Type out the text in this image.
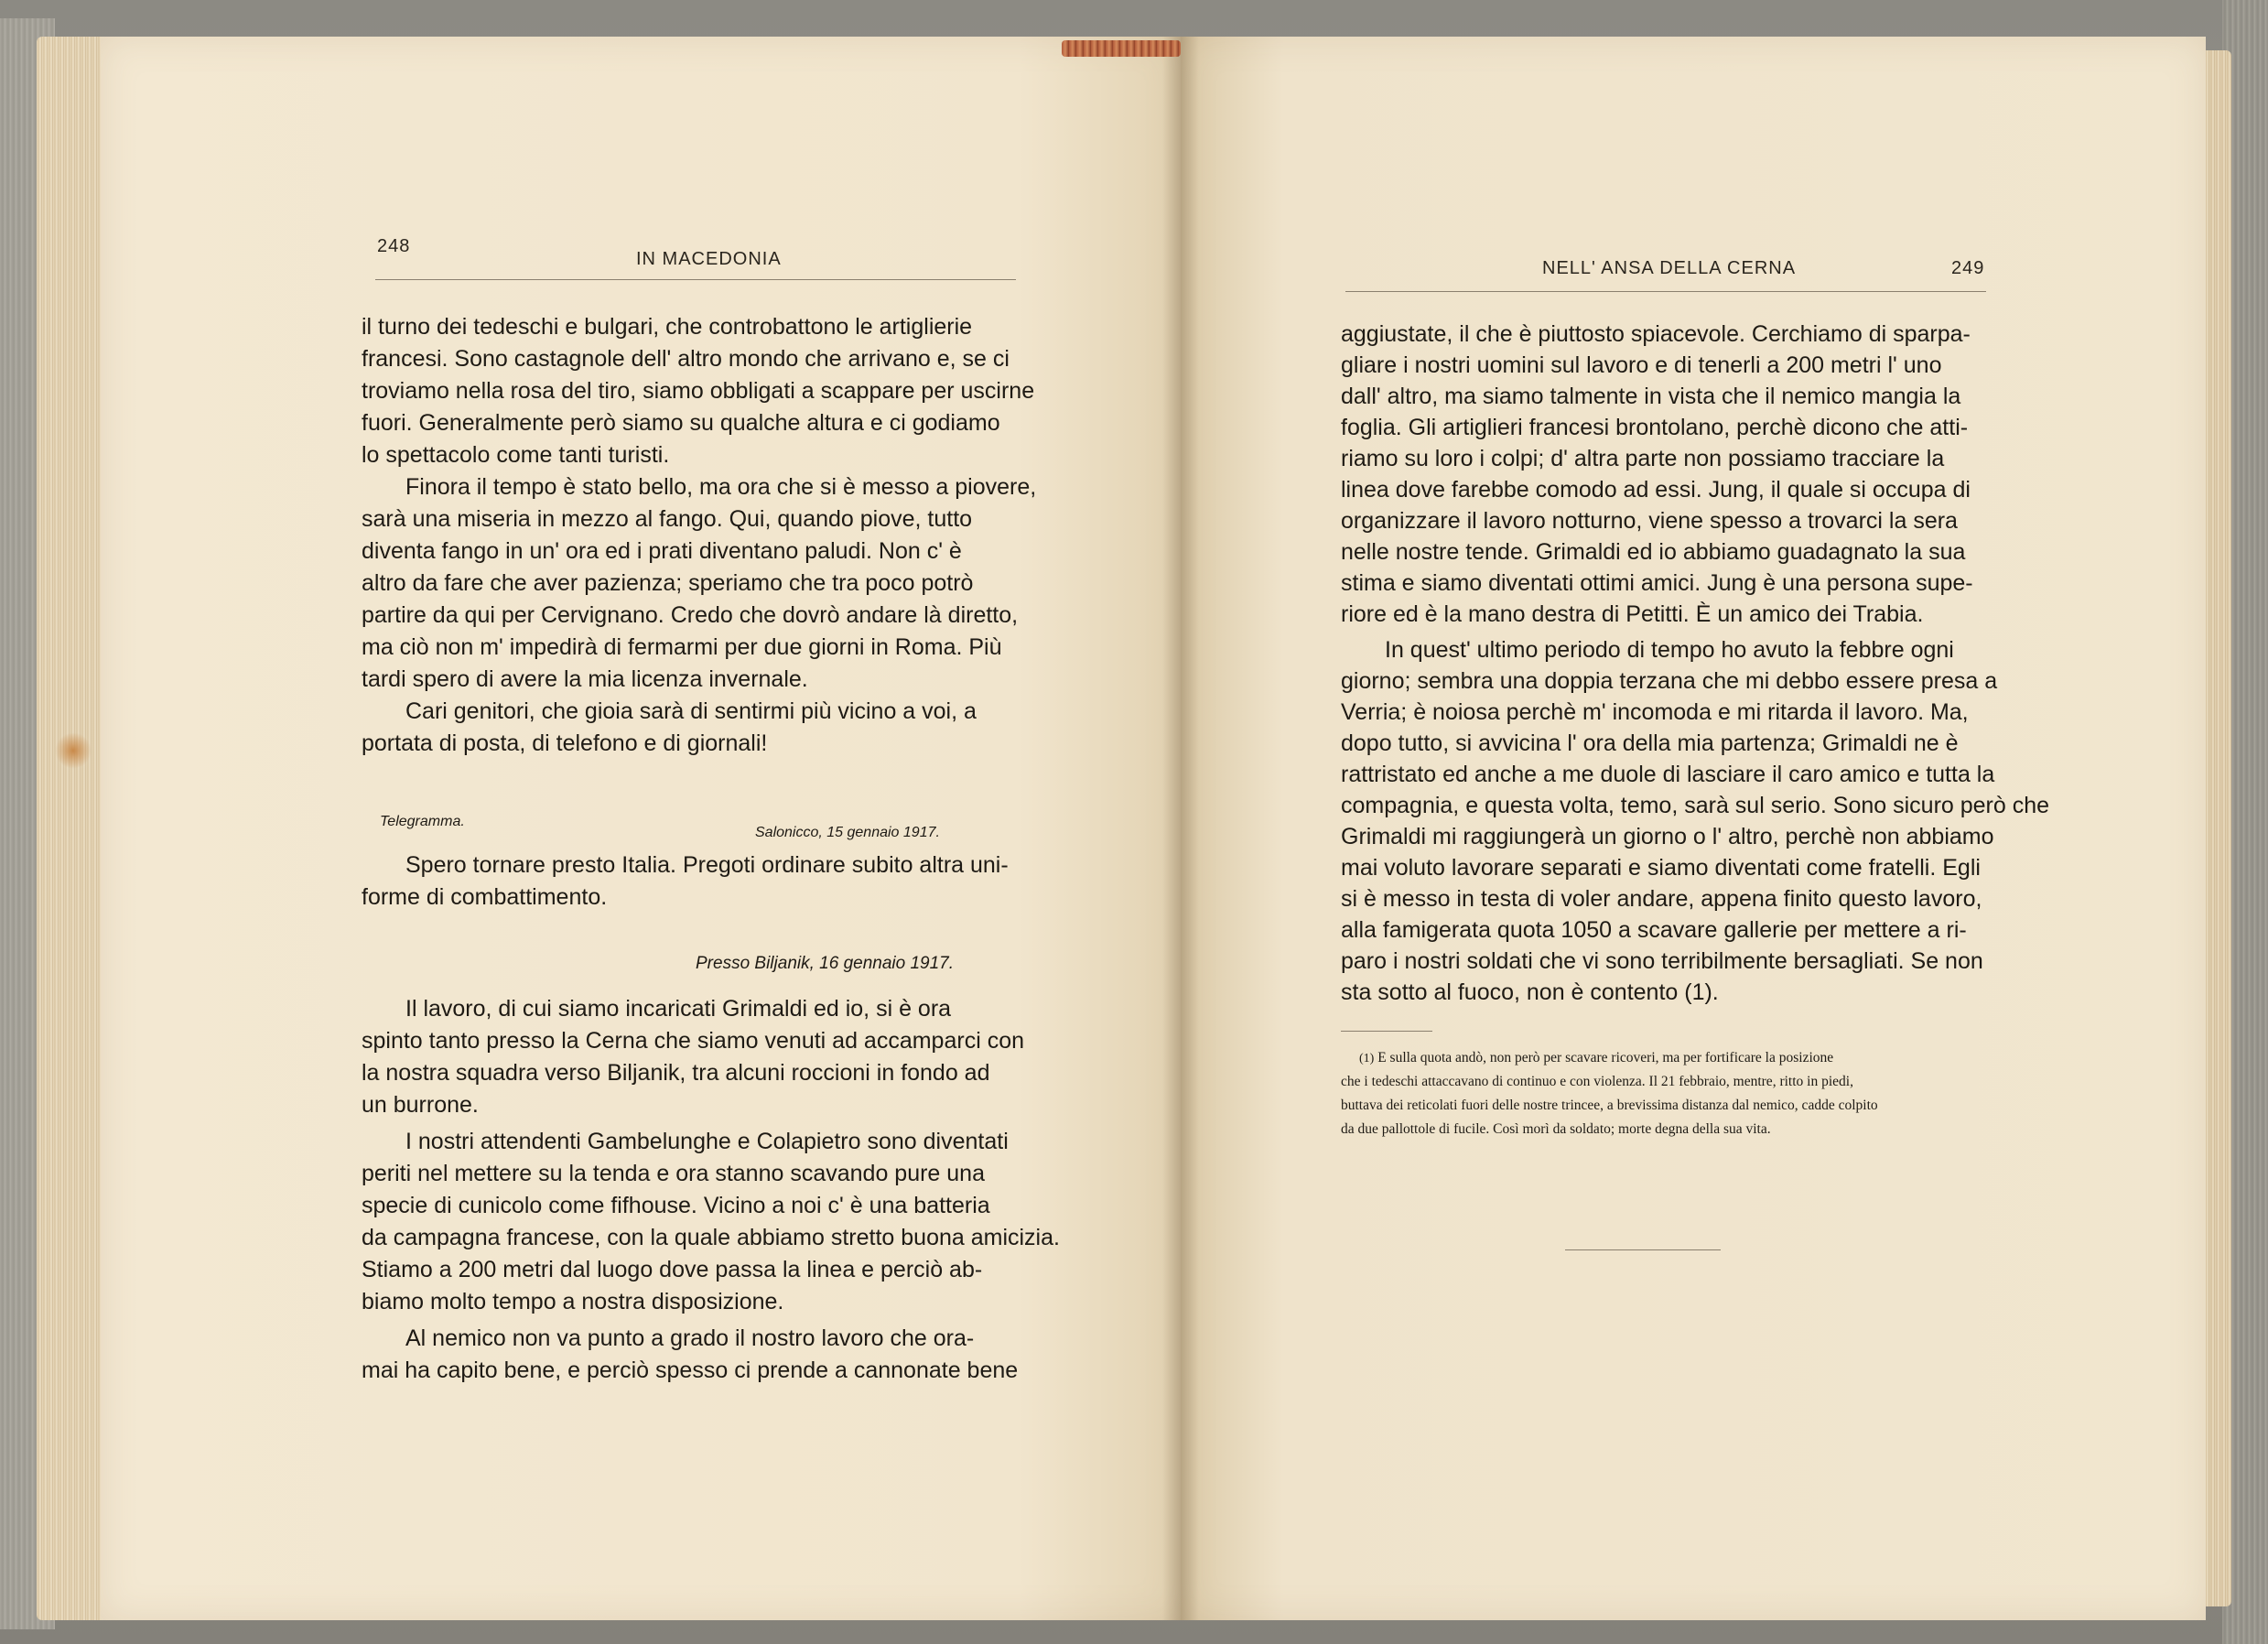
248
IN MACEDONIA	NELL' ANSA DELLA CERNA	249
il turno dei tedeschi e bulgari, che controbattono le artiglierie
francesi. Sono castagnole dell' altro mondo che arrivano e, se ci
troviamo nella rosa del tiro, siamo obbligati a scappare per uscirne
fuori. Generalmente però siamo su qualche altura e ci godiamo
lo spettacolo come tanti turisti.
Finora il tempo è stato bello, ma ora che si è messo a piovere,
sarà una miseria in mezzo al fango. Qui, quando piove, tutto
diventa fango in un' ora ed i prati diventano paludi. Non c' è
altro da fare che aver pazienza; speriamo che tra poco potrò
partire da qui per Cervignano. Credo che dovrò andare là diretto,
ma ciò non m' impedirà di fermarmi per due giorni in Roma. Più
tardi spero di avere la mia licenza invernale.
Cari genitori, che gioia sarà di sentirmi più vicino a voi, a
portata di posta, di telefono e di giornali!
Telegramma.
Salonicco, 15 gennaio 1917.
Spero tornare presto Italia. Pregoti ordinare subito altra uni-
forme di combattimento.
Presso Biljanik, 16 gennaio 1917.
Il lavoro, di cui siamo incaricati Grimaldi ed io, si è ora
spinto tanto presso la Cerna che siamo venuti ad accamparci con
la nostra squadra verso Biljanik, tra alcuni roccioni in fondo ad
un burrone.
I nostri attendenti Gambelunghe e Colapietro sono diventati
periti nel mettere su la tenda e ora stanno scavando pure una
specie di cunicolo come fifhouse. Vicino a noi c' è una batteria
da campagna francese, con la quale abbiamo stretto buona amicizia.
Stiamo a 200 metri dal luogo dove passa la linea e perciò ab-
biamo molto tempo a nostra disposizione.
Al nemico non va punto a grado il nostro lavoro che ora-
mai ha capito bene, e perciò spesso ci prende a cannonate bene
aggiustate, il che è piuttosto spiacevole. Cerchiamo di sparpa-
gliare i nostri uomini sul lavoro e di tenerli a 200 metri l' uno
dall' altro, ma siamo talmente in vista che il nemico mangia la
foglia. Gli artiglieri francesi brontolano, perchè dicono che atti-
riamo su loro i colpi; d' altra parte non possiamo tracciare la
linea dove farebbe comodo ad essi. Jung, il quale si occupa di
organizzare il lavoro notturno, viene spesso a trovarci la sera
nelle nostre tende. Grimaldi ed io abbiamo guadagnato la sua
stima e siamo diventati ottimi amici. Jung è una persona supe-
riore ed è la mano destra di Petitti. È un amico dei Trabia.
In quest' ultimo periodo di tempo ho avuto la febbre ogni
giorno; sembra una doppia terzana che mi debbo essere presa a
Verria; è noiosa perchè m' incomoda e mi ritarda il lavoro. Ma,
dopo tutto, si avvicina l' ora della mia partenza; Grimaldi ne è
rattristato ed anche a me duole di lasciare il caro amico e tutta la
compagnia, e questa volta, temo, sarà sul serio. Sono sicuro però che
Grimaldi mi raggiungerà un giorno o l' altro, perchè non abbiamo
mai voluto lavorare separati e siamo diventati come fratelli. Egli
si è messo in testa di voler andare, appena finito questo lavoro,
alla famigerata quota 1050 a scavare gallerie per mettere a ri-
paro i nostri soldati che vi sono terribilmente bersagliati. Se non
sta sotto al fuoco, non è contento (1).
(1) E sulla quota andò, non però per scavare ricoveri, ma per fortificare la posizione
che i tedeschi attaccavano di continuo e con violenza. Il 21 febbraio, mentre, ritto in piedi,
buttava dei reticolati fuori delle nostre trincee, a brevissima distanza dal nemico, cadde colpito
da due pallottole di fucile. Così morì da soldato; morte degna della sua vita.
